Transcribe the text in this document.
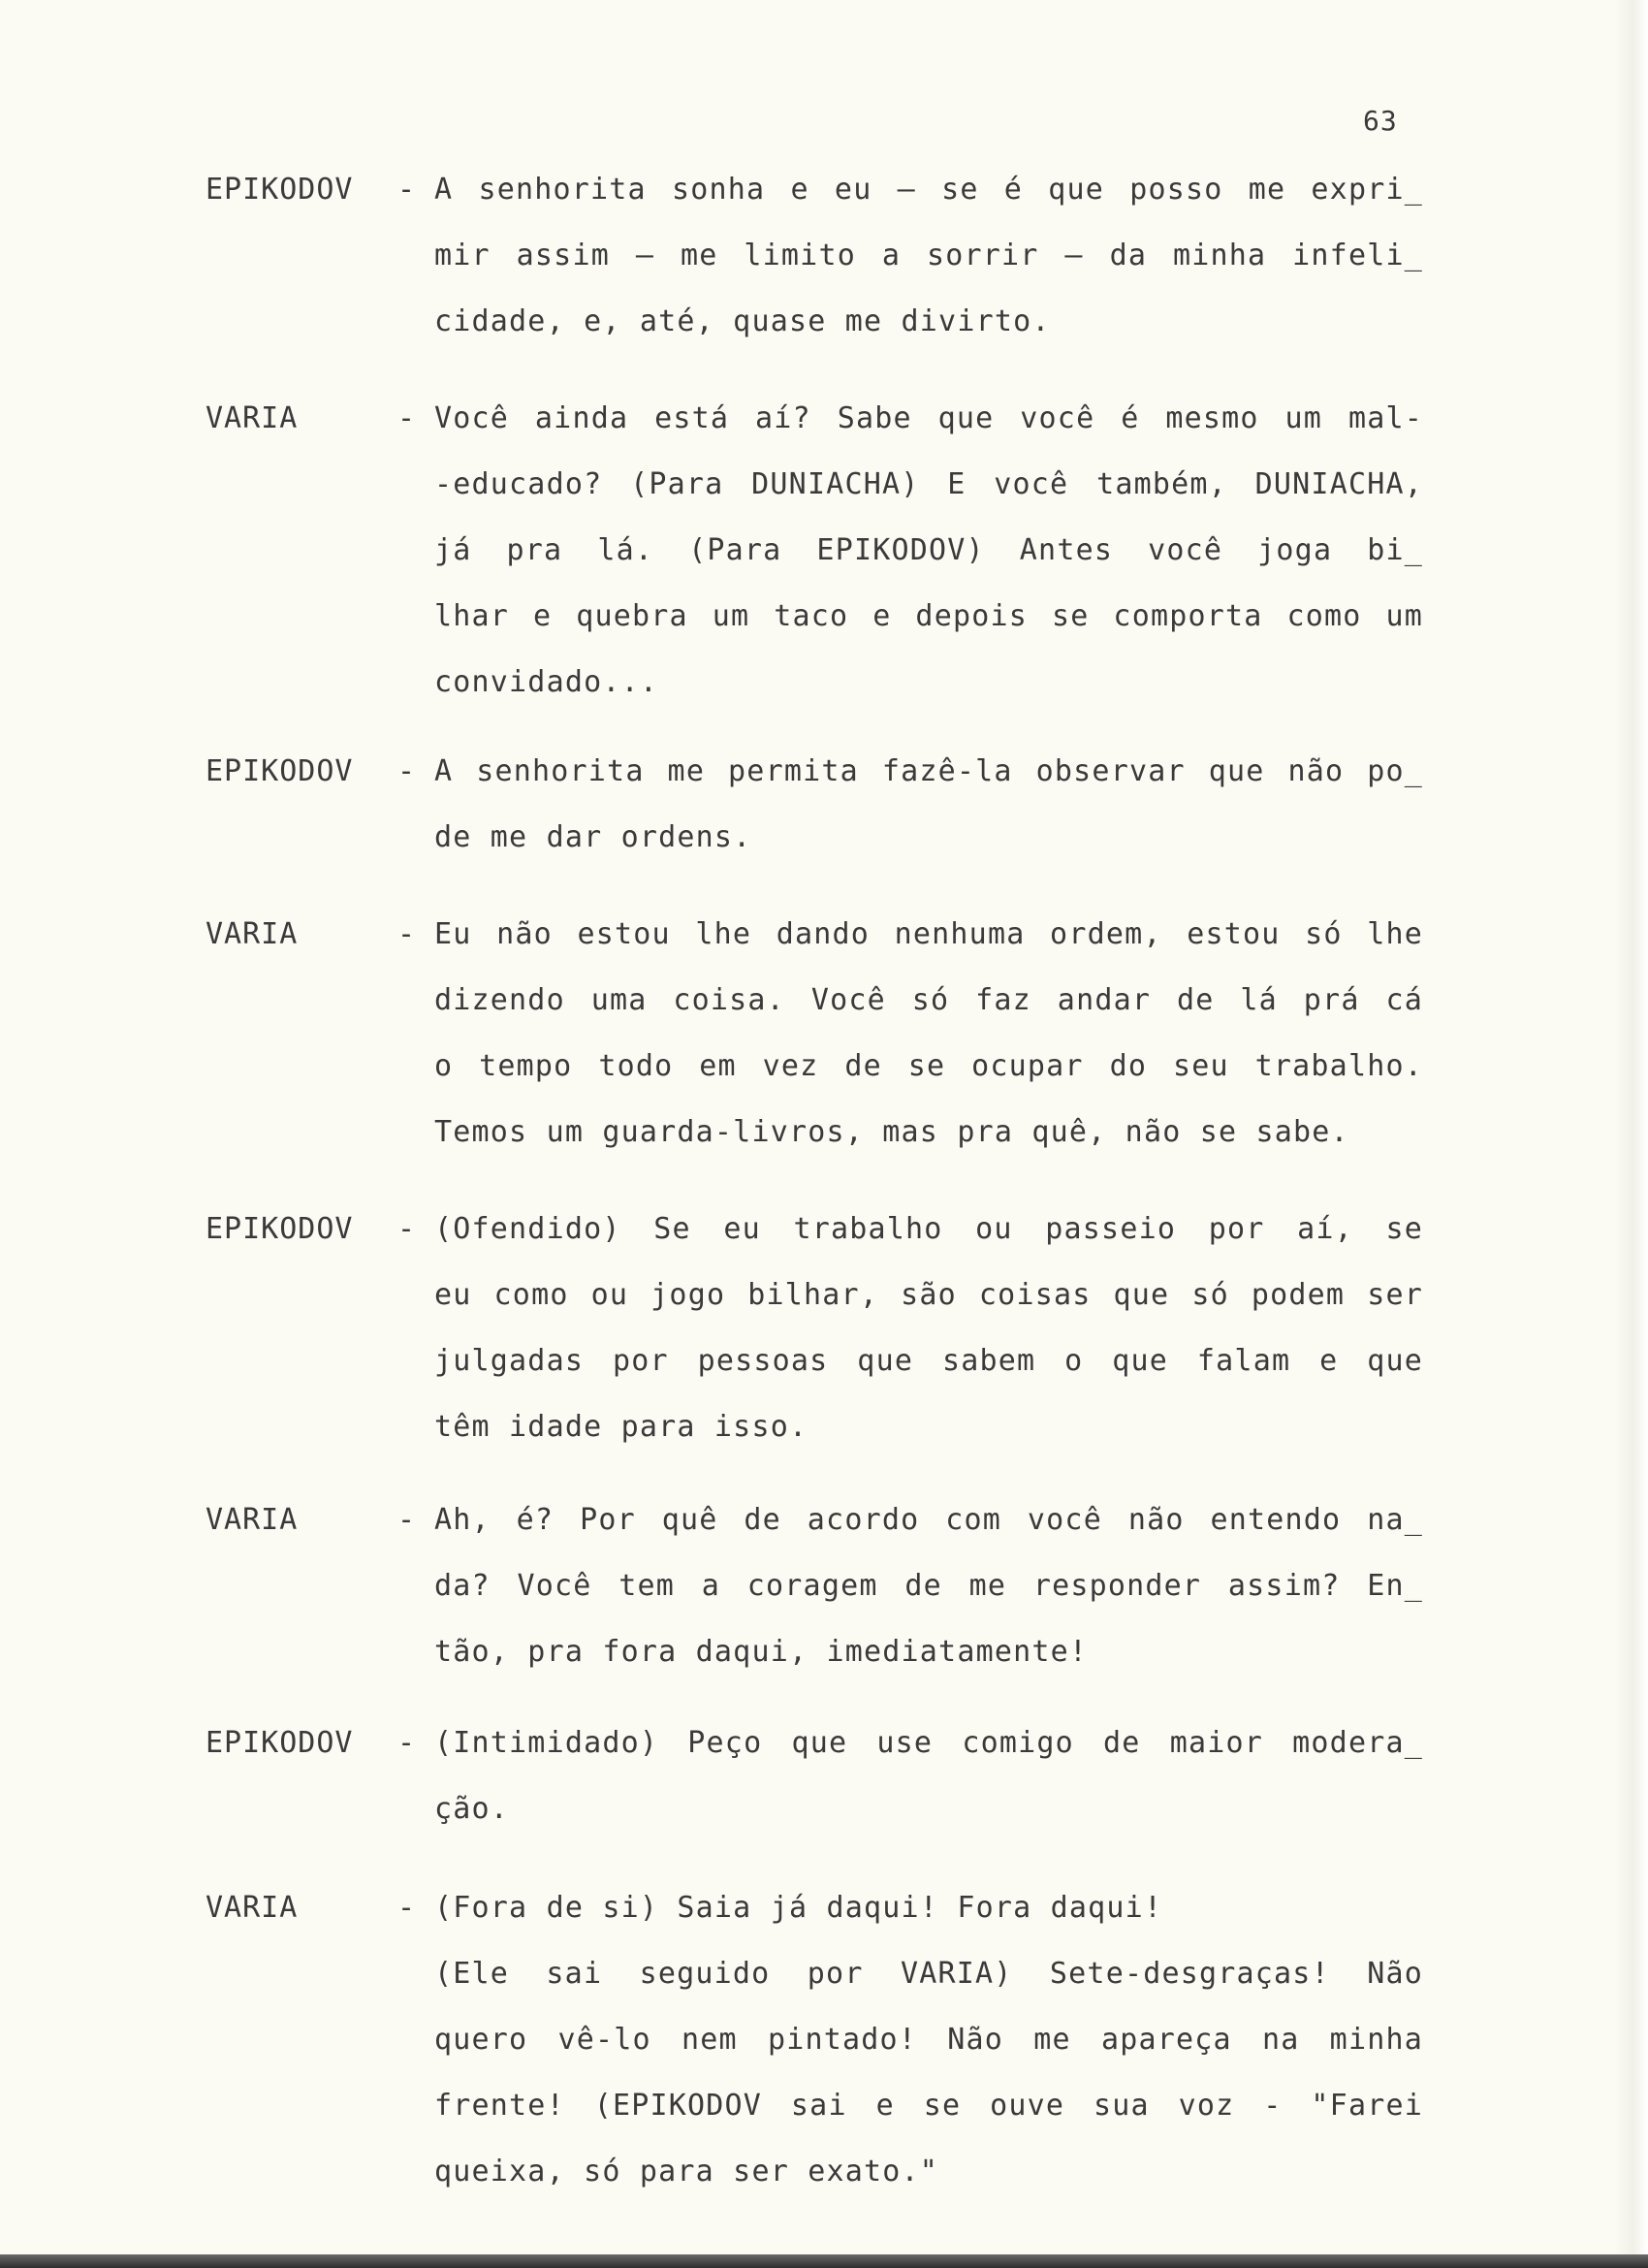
63

EPIKODOV - A senhorita sonha e eu — se é que posso me expri_
mir assim — me limito a sorrir — da minha infeli_
cidade, e, até, quase me divirto.

VARIA	- Você ainda está aí? Sabe que você é mesmo um mal-
-educado? (Para DUNIACHA) E você também, DUNIACHA,
já pra lá. (Para EPIKODOV) Antes você joga bi_
lhar e quebra um taco e depois se comporta como um
convidado...

EPIKODOV - A senhorita me permita fazê-la observar que não po_
de me dar ordens.

VARIA	- Eu não estou lhe dando nenhuma ordem, estou só lhe
dizendo uma coisa. Você só faz andar de lá prá cá
o tempo todo em vez de se ocupar do seu trabalho.
Temos um guarda-livros, mas pra quê, não se sabe.

EPIKODOV - (Ofendido) Se eu trabalho ou passeio por aí, se
eu como ou jogo bilhar, são coisas que só podem ser
julgadas por pessoas que sabem o que falam e que
têm idade para isso.

VARIA	- Ah, é? Por quê de acordo com você não entendo na_
da? Você tem a coragem de me responder assim? En_
tão, pra fora daqui, imediatamente!

EPIKODOV - (Intimidado) Peço que use comigo de maior modera_
ção.

VARIA	- (Fora de si) Saia já daqui! Fora daqui!
(Ele sai seguido por VARIA) Sete-desgraças! Não
quero vê-lo nem pintado! Não me apareça na minha
frente! (EPIKODOV sai e se ouve sua voz - "Farei
queixa, só para ser exato."
